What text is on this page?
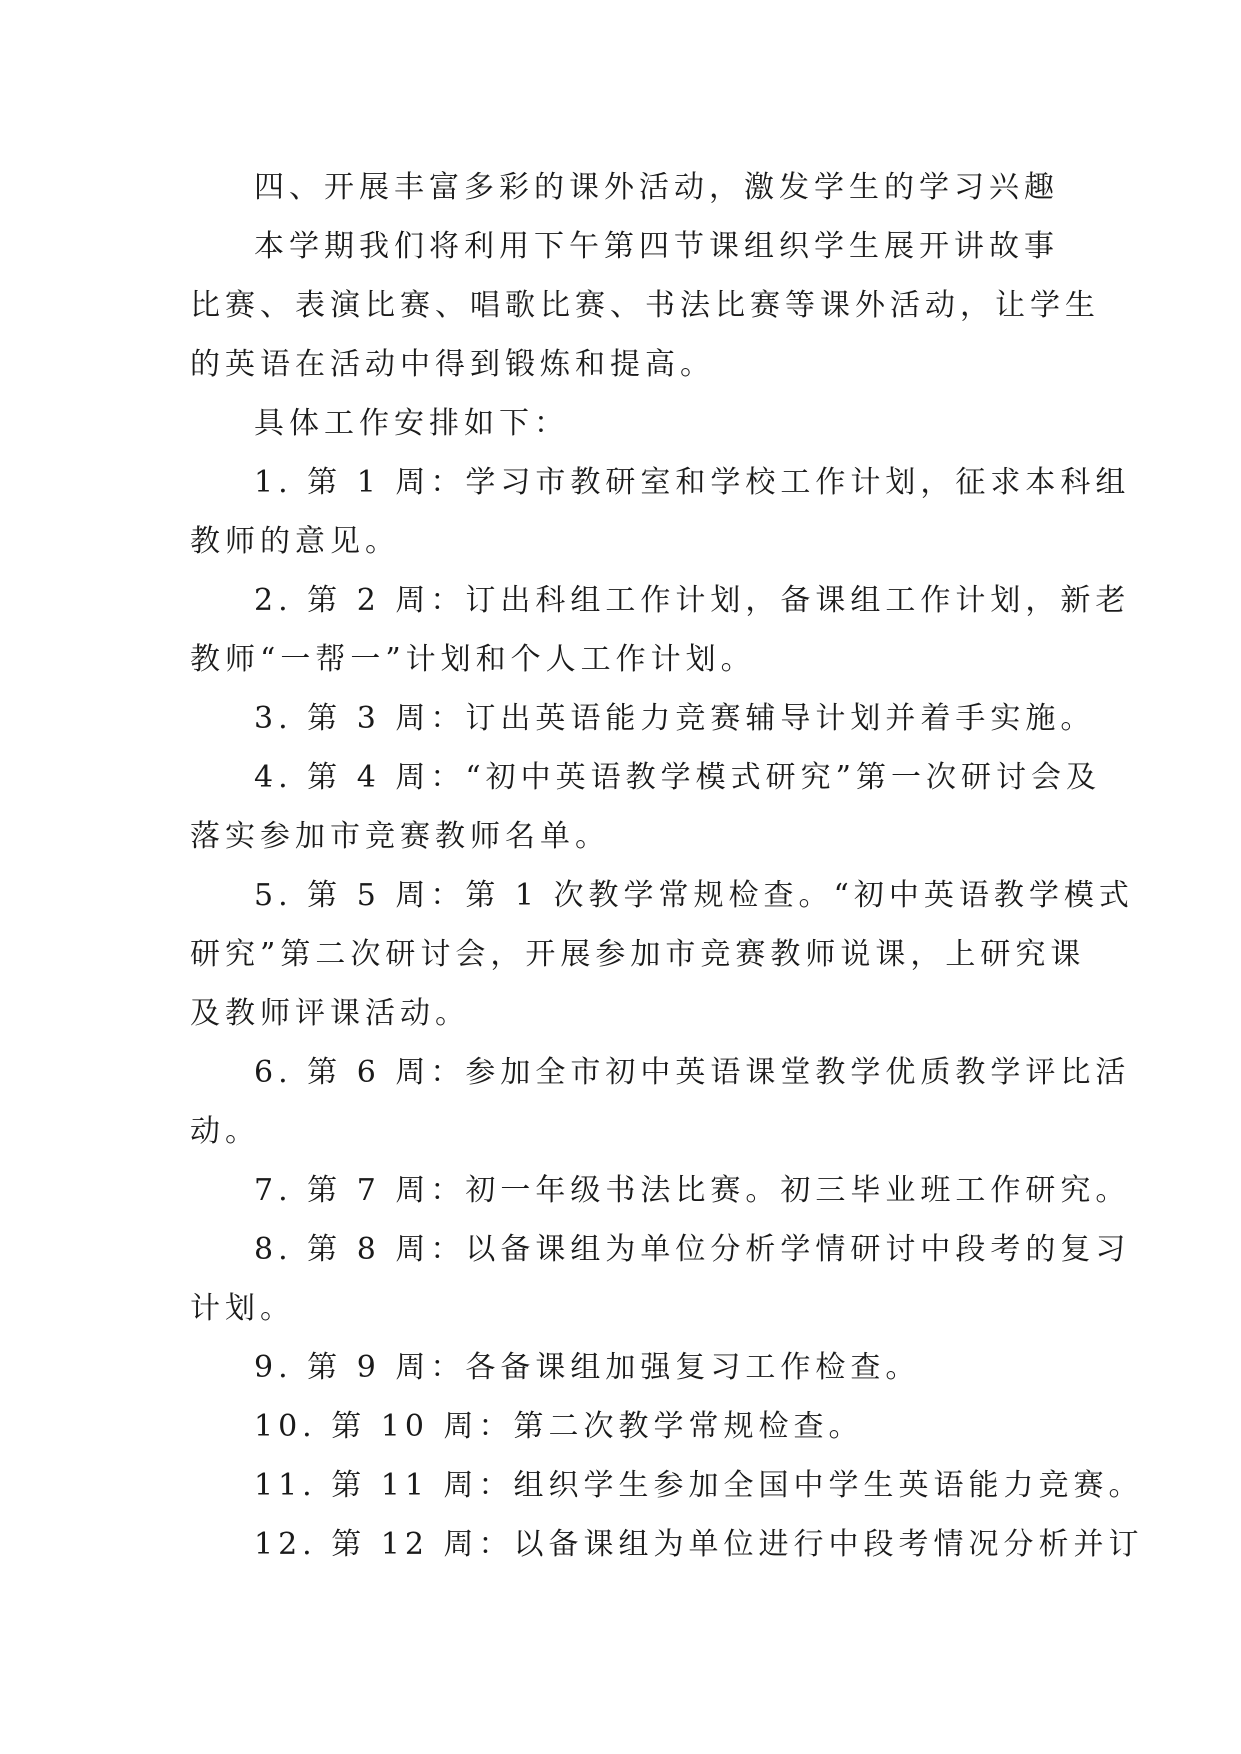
四、开展丰富多彩的课外活动，激发学生的学习兴趣

本学期我们将利用下午第四节课组织学生展开讲故事

比赛、表演比赛、唱歌比赛、书法比赛等课外活动，让学生

的英语在活动中得到锻炼和提高。

具体工作安排如下：

1. 第 1 周：学习市教研室和学校工作计划，征求本科组

教师的意见。

2. 第 2 周：订出科组工作计划，备课组工作计划，新老

教师“一帮一”计划和个人工作计划。

3. 第 3 周：订出英语能力竞赛辅导计划并着手实施。

4. 第 4 周：“初中英语教学模式研究”第一次研讨会及

落实参加市竞赛教师名单。

5. 第 5 周：第 1 次教学常规检查。“初中英语教学模式

研究”第二次研讨会，开展参加市竞赛教师说课，上研究课

及教师评课活动。

6. 第 6 周：参加全市初中英语课堂教学优质教学评比活

动。

7. 第 7 周：初一年级书法比赛。初三毕业班工作研究。

8. 第 8 周：以备课组为单位分析学情研讨中段考的复习

计划。

9. 第 9 周：各备课组加强复习工作检查。

10. 第 10 周：第二次教学常规检查。

11. 第 11 周：组织学生参加全国中学生英语能力竞赛。

12. 第 12 周：以备课组为单位进行中段考情况分析并订
